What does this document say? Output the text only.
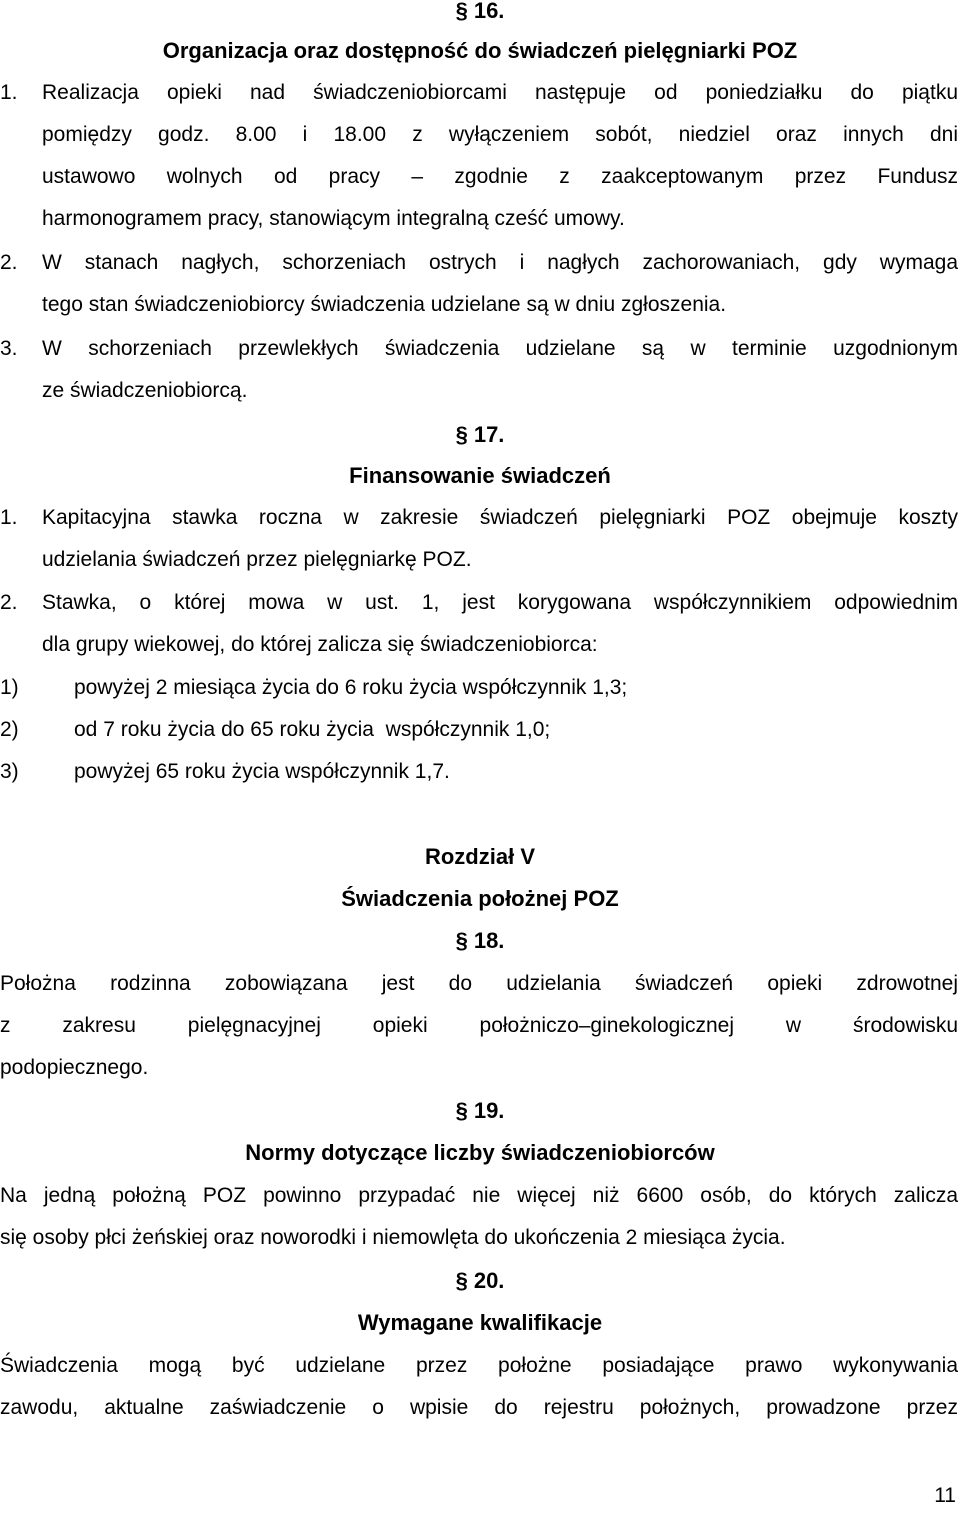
§ 16.
Organizacja oraz dostępność do świadczeń pielęgniarki POZ
1. Realizacja opieki nad świadczeniobiorcami następuje od poniedziałku do piątku
pomiędzy godz. 8.00 i 18.00 z wyłączeniem sobót, niedziel oraz innych dni
ustawowo wolnych od pracy – zgodnie z zaakceptowanym przez Fundusz
harmonogramem pracy, stanowiącym integralną cześć umowy.
2. W stanach nagłych, schorzeniach ostrych i nagłych zachorowaniach, gdy wymaga
tego stan świadczeniobiorcy świadczenia udzielane są w dniu zgłoszenia.
3. W schorzeniach przewlekłych świadczenia udzielane są w terminie uzgodnionym
ze świadczeniobiorcą.
§ 17.
Finansowanie świadczeń
1. Kapitacyjna stawka roczna w zakresie świadczeń pielęgniarki POZ obejmuje koszty
udzielania świadczeń przez pielęgniarkę POZ.
2. Stawka, o której mowa w ust. 1, jest korygowana współczynnikiem odpowiednim
dla grupy wiekowej, do której zalicza się świadczeniobiorca:
1)	powyżej 2 miesiąca życia do 6 roku życia współczynnik 1,3;
2)	od 7 roku życia do 65 roku życia  współczynnik 1,0;
3)	powyżej 65 roku życia współczynnik 1,7.
Rozdział V
Świadczenia położnej POZ
§ 18.
Położna rodzinna zobowiązana jest do udzielania świadczeń opieki zdrowotnej
z zakresu pielęgnacyjnej opieki położniczo–ginekologicznej w środowisku
podopiecznego.
§ 19.
Normy dotyczące liczby świadczeniobiorców
Na jedną położną POZ powinno przypadać nie więcej niż 6600 osób, do których zalicza
się osoby płci żeńskiej oraz noworodki i niemowlęta do ukończenia 2 miesiąca życia.
§ 20.
Wymagane kwalifikacje
Świadczenia mogą być udzielane przez położne posiadające prawo wykonywania
zawodu, aktualne zaświadczenie o wpisie do rejestru położnych, prowadzone przez
11
